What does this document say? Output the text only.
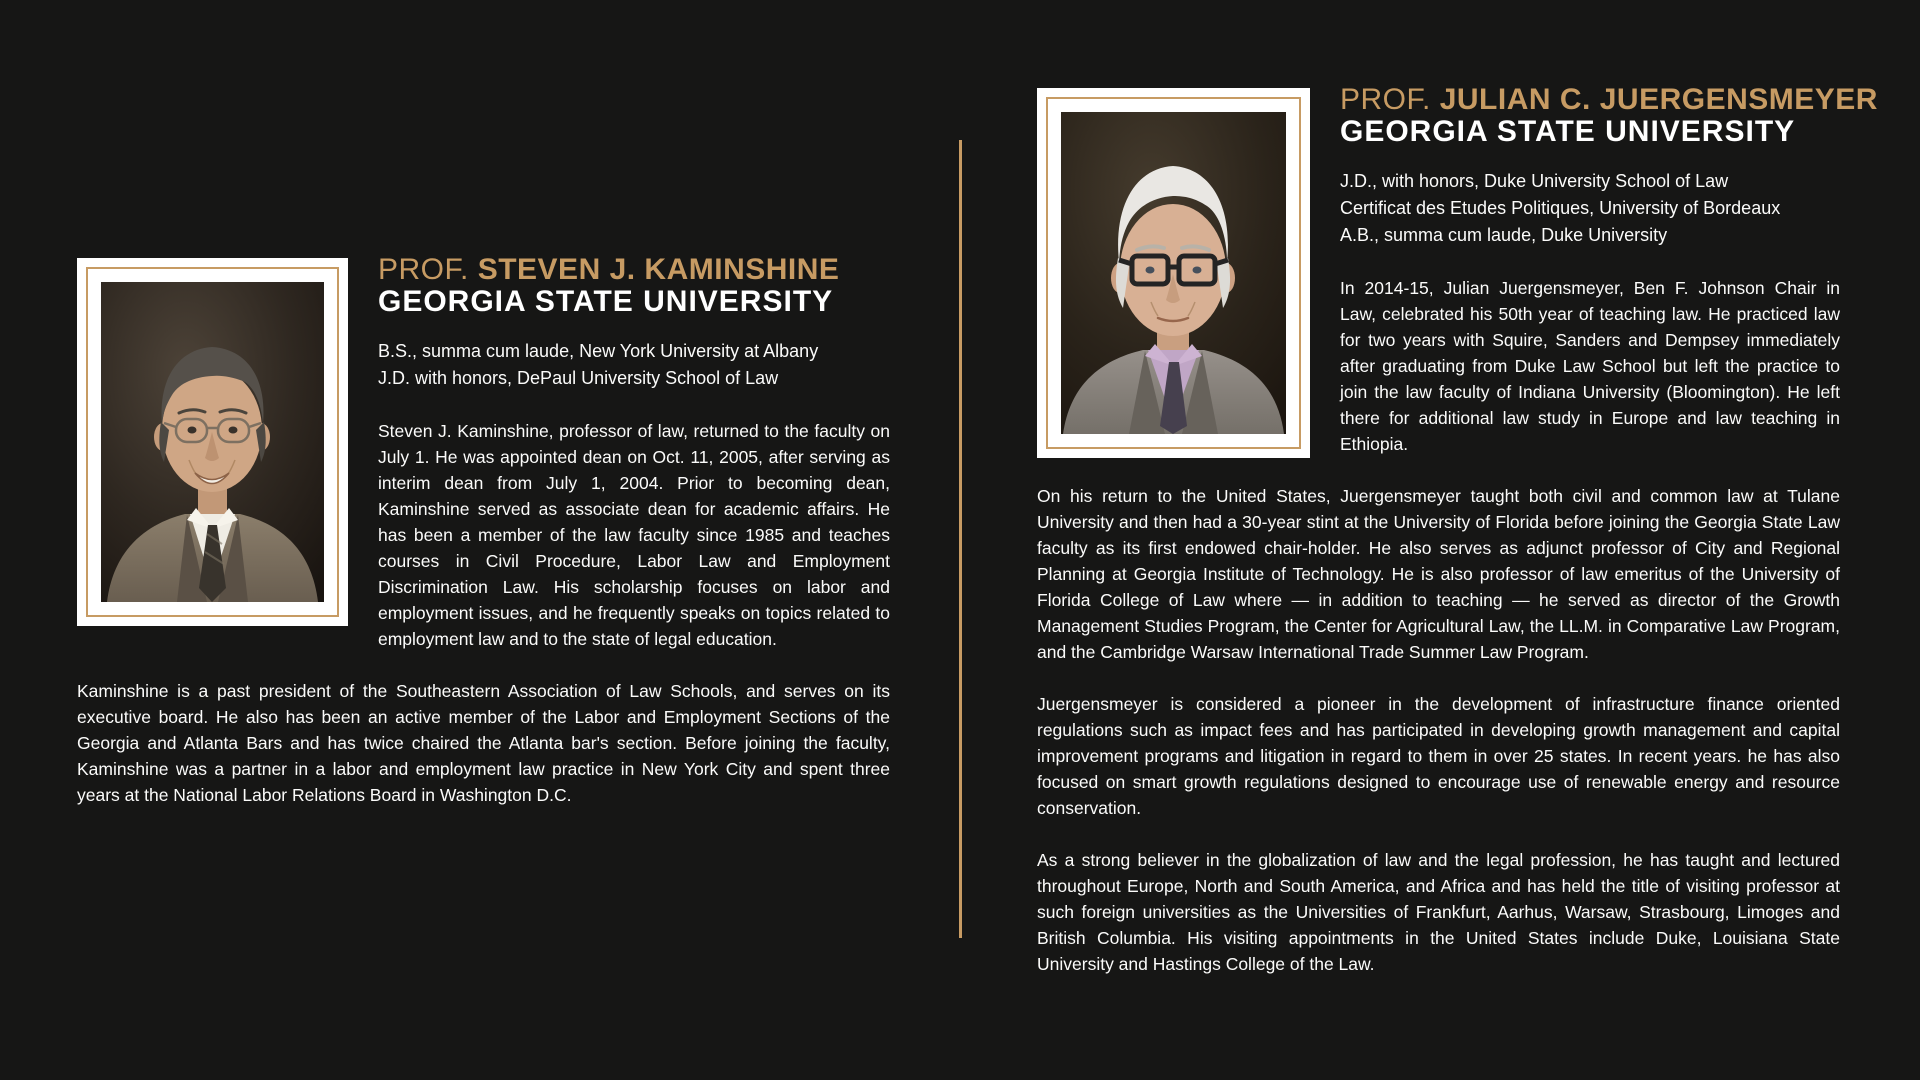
PROF. STEVEN J. KAMINSHINE
GEORGIA STATE UNIVERSITY
B.S., summa cum laude, New York University at Albany
J.D. with honors, DePaul University School of Law

Steven J. Kaminshine, professor of law, returned to the faculty on July 1. He was appointed dean on Oct. 11, 2005, after serving as interim dean from July 1, 2004. Prior to becoming dean, Kaminshine served as associate dean for academic affairs. He has been a member of the law faculty since 1985 and teaches courses in Civil Procedure, Labor Law and Employment Discrimination Law. His scholarship focuses on labor and employment issues, and he frequently speaks on topics related to employment law and to the state of legal education.

Kaminshine is a past president of the Southeastern Association of Law Schools, and serves on its executive board. He also has been an active member of the Labor and Employment Sections of the Georgia and Atlanta Bars and has twice chaired the Atlanta bar's section. Before joining the faculty, Kaminshine was a partner in a labor and employment law practice in New York City and spent three years at the National Labor Relations Board in Washington D.C.

PROF. JULIAN C. JUERGENSMEYER
GEORGIA STATE UNIVERSITY
J.D., with honors, Duke University School of Law
Certificat des Etudes Politiques, University of Bordeaux
A.B., summa cum laude, Duke University

In 2014-15, Julian Juergensmeyer, Ben F. Johnson Chair in Law, celebrated his 50th year of teaching law. He practiced law for two years with Squire, Sanders and Dempsey immediately after graduating from Duke Law School but left the practice to join the law faculty of Indiana University (Bloomington). He left there for additional law study in Europe and law teaching in Ethiopia.

On his return to the United States, Juergensmeyer taught both civil and common law at Tulane University and then had a 30-year stint at the University of Florida before joining the Georgia State Law faculty as its first endowed chair-holder. He also serves as adjunct professor of City and Regional Planning at Georgia Institute of Technology. He is also professor of law emeritus of the University of Florida College of Law where — in addition to teaching — he served as director of the Growth Management Studies Program, the Center for Agricultural Law, the LL.M. in Comparative Law Program, and the Cambridge Warsaw International Trade Summer Law Program.

Juergensmeyer is considered a pioneer in the development of infrastructure finance oriented regulations such as impact fees and has participated in developing growth management and capital improvement programs and litigation in regard to them in over 25 states. In recent years. he has also focused on smart growth regulations designed to encourage use of renewable energy and resource conservation.

As a strong believer in the globalization of law and the legal profession, he has taught and lectured throughout Europe, North and South America, and Africa and has held the title of visiting professor at such foreign universities as the Universities of Frankfurt, Aarhus, Warsaw, Strasbourg, Limoges and British Columbia. His visiting appointments in the United States include Duke, Louisiana State University and Hastings College of the Law.
